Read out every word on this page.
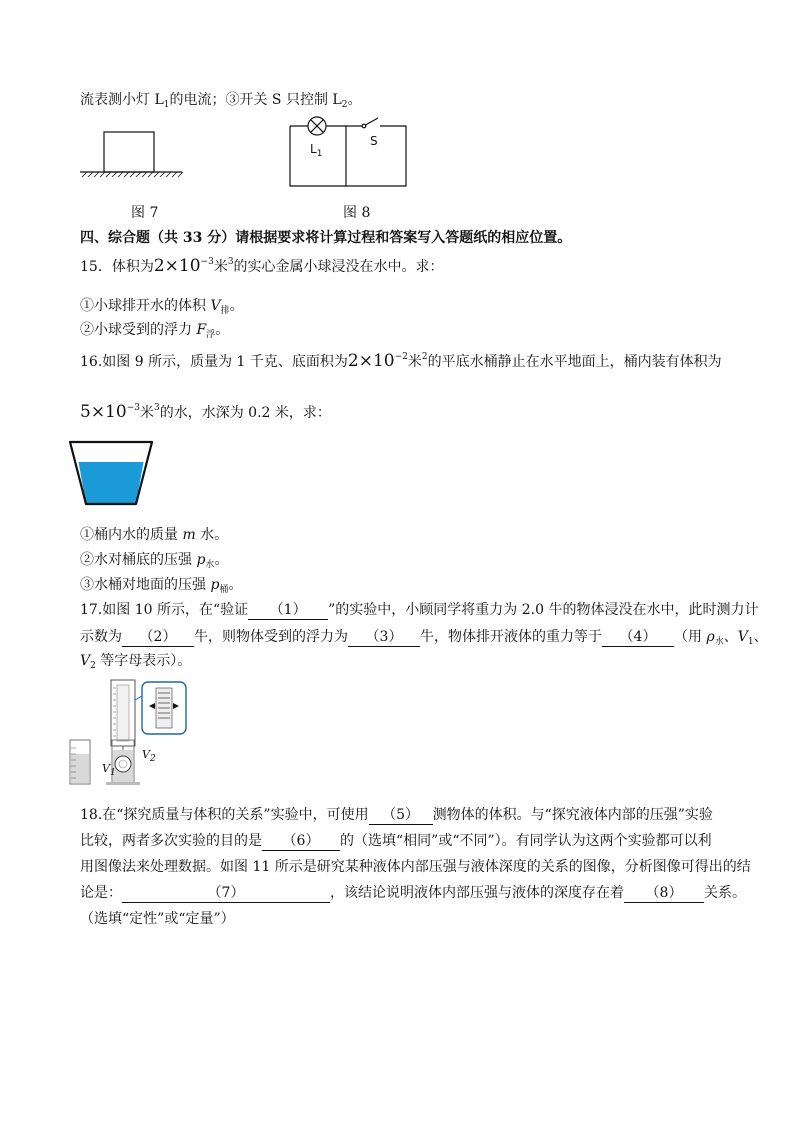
流表测小灯 $L_1$的电流；③开关 S 只控制 $L_2$。
图 7
$L_1$
S
图 8
四、综合题（共 33 分）请根据要求将计算过程和答案写入答题纸的相应位置。
15．体积为$2\times 10^{-3}$米$^3$的实心金属小球浸没在水中。求：
①小球排开水的体积 $V_排$。
②小球受到的浮力 $F_浮$。
16.如图 9 所示，质量为 1 千克、底面积为$2\times 10^{-2}$米$^2$的平底水桶静止在水平地面上，桶内装有体积为
$5\times 10^{-3}$米$^3$的水，水深为 0.2 米，求：
①桶内水的质量 m 水。
②水对桶底的压强 $p_水$。
③水桶对地面的压强 $p_桶$。
17.如图 10 所示，在“验证 （1） ”的实验中，小顾同学将重力为 2.0 牛的物体浸没在水中，此时测力计
示数为 （2） 牛，则物体受到的浮力为 （3） 牛，物体排开液体的重力等于 （4） （用 $\rho_水$、$V_1$、
$V_2$ 等字母表示）。
$V_1$
$V_2$
18.在“探究质量与体积的关系”实验中，可使用 （5） 测物体的体积。与“探究液体内部的压强”实验
比较，两者多次实验的目的是 （6） 的（选填“相同”或“不同”）。有同学认为这两个实验都可以利
用图像法来处理数据。如图 11 所示是研究某种液体内部压强与液体深度的关系的图像，分析图像可得出的结
论是：	（7）	，该结论说明液体内部压强与液体的深度存在着 （8） 关系。
（选填“定性”或“定量”）
